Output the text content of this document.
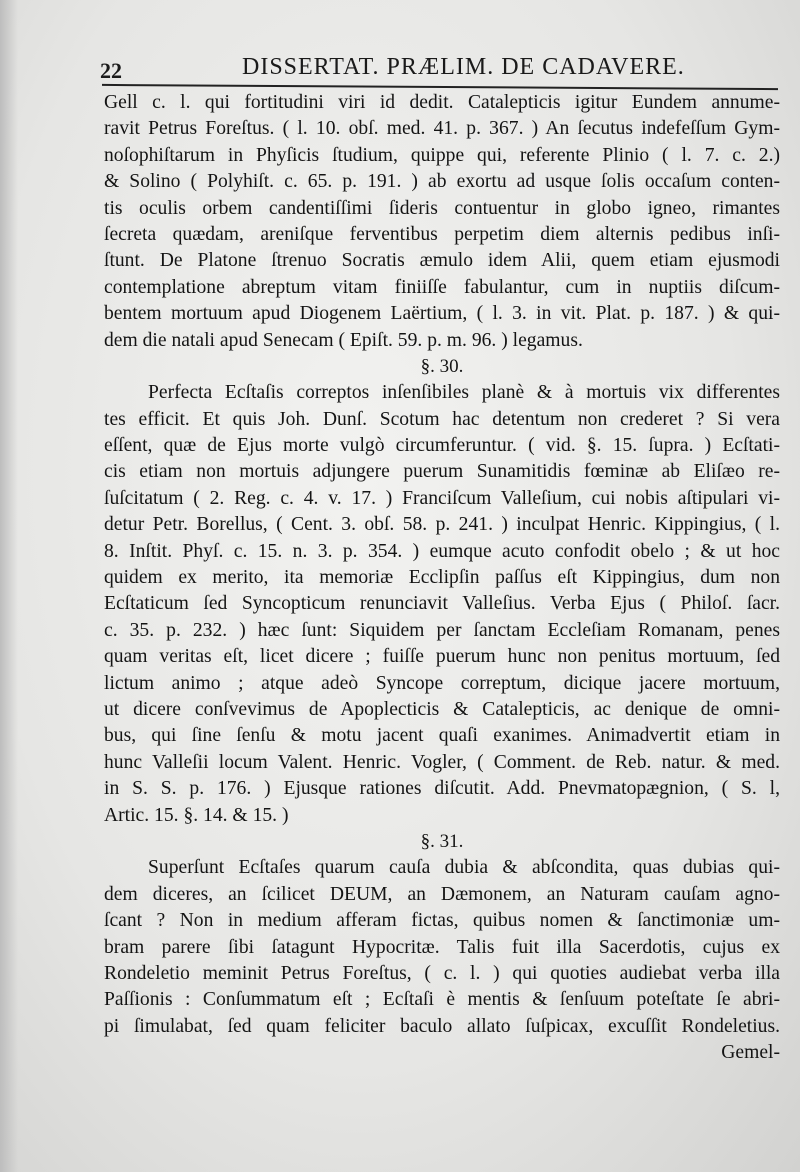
22	DISSERTAT. PRÆLIM. DE CADAVERE.
Gell c. l. qui fortitudini viri id dedit. Catalepticis igitur Eundem annume-
ravit Petrus Foreſtus. ( l. 10. obſ. med. 41. p. 367. ) An ſecutus indefeſſum Gym-
noſophiſtarum in Phyſicis ſtudium, quippe qui, referente Plinio ( l. 7. c. 2.)
& Solino ( Polyhiſt. c. 65. p. 191. ) ab exortu ad usque ſolis occaſum conten-
tis oculis orbem candentiſſimi ſideris contuentur in globo igneo, rimantes
ſecreta quædam, areniſque ferventibus perpetim diem alternis pedibus inſi-
ſtunt. De Platone ſtrenuo Socratis æmulo idem Alii, quem etiam ejusmodi
contemplatione abreptum vitam finiiſſe fabulantur, cum in nuptiis diſcum-
bentem mortuum apud Diogenem Laërtium, ( l. 3. in vit. Plat. p. 187. ) & qui-
dem die natali apud Senecam ( Epiſt. 59. p. m. 96. ) legamus.
§. 30.
Perfecta Ecſtaſis correptos inſenſibiles planè & à mortuis vix differentes
tes efficit. Et quis Joh. Dunſ. Scotum hac detentum non crederet ? Si vera
eſſent, quæ de Ejus morte vulgò circumferuntur. ( vid. §. 15. ſupra. ) Ecſtati-
cis etiam non mortuis adjungere puerum Sunamitidis fœminæ ab Eliſæo re-
ſuſcitatum ( 2. Reg. c. 4. v. 17. ) Franciſcum Valleſium, cui nobis aſtipulari vi-
detur Petr. Borellus, ( Cent. 3. obſ. 58. p. 241. ) inculpat Henric. Kippingius, ( l.
8. Inſtit. Phyſ. c. 15. n. 3. p. 354. ) eumque acuto confodit obelo ; & ut hoc
quidem ex merito, ita memoriæ Ecclipſin paſſus eſt Kippingius, dum non
Ecſtaticum ſed Syncopticum renunciavit Valleſius. Verba Ejus ( Philoſ. ſacr.
c. 35. p. 232. ) hæc ſunt: Siquidem per ſanctam Eccleſiam Romanam, penes
quam veritas eſt, licet dicere ; fuiſſe puerum hunc non penitus mortuum, ſed
lictum animo ; atque adeò Syncope correptum, dicique jacere mortuum,
ut dicere conſvevimus de Apoplecticis & Catalepticis, ac denique de omni-
bus, qui ſine ſenſu & motu jacent quaſi exanimes. Animadvertit etiam in
hunc Valleſii locum Valent. Henric. Vogler, ( Comment. de Reb. natur. & med.
in S. S. p. 176. ) Ejusque rationes diſcutit. Add. Pnevmatopægnion, ( S. l,
Artic. 15. §. 14. & 15. )
§. 31.
Superſunt Ecſtaſes quarum cauſa dubia & abſcondita, quas dubias qui-
dem diceres, an ſcilicet DEUM, an Dæmonem, an Naturam cauſam agno-
ſcant ? Non in medium afferam fictas, quibus nomen & ſanctimoniæ um-
bram parere ſibi ſatagunt Hypocritæ. Talis fuit illa Sacerdotis, cujus ex
Rondeletio meminit Petrus Foreſtus, ( c. l. ) qui quoties audiebat verba illa
Paſſionis : Conſummatum eſt ; Ecſtaſi è mentis & ſenſuum poteſtate ſe abri-
pi ſimulabat, ſed quam feliciter baculo allato ſuſpicax, excuſſit Rondeletius.
Gemel-
